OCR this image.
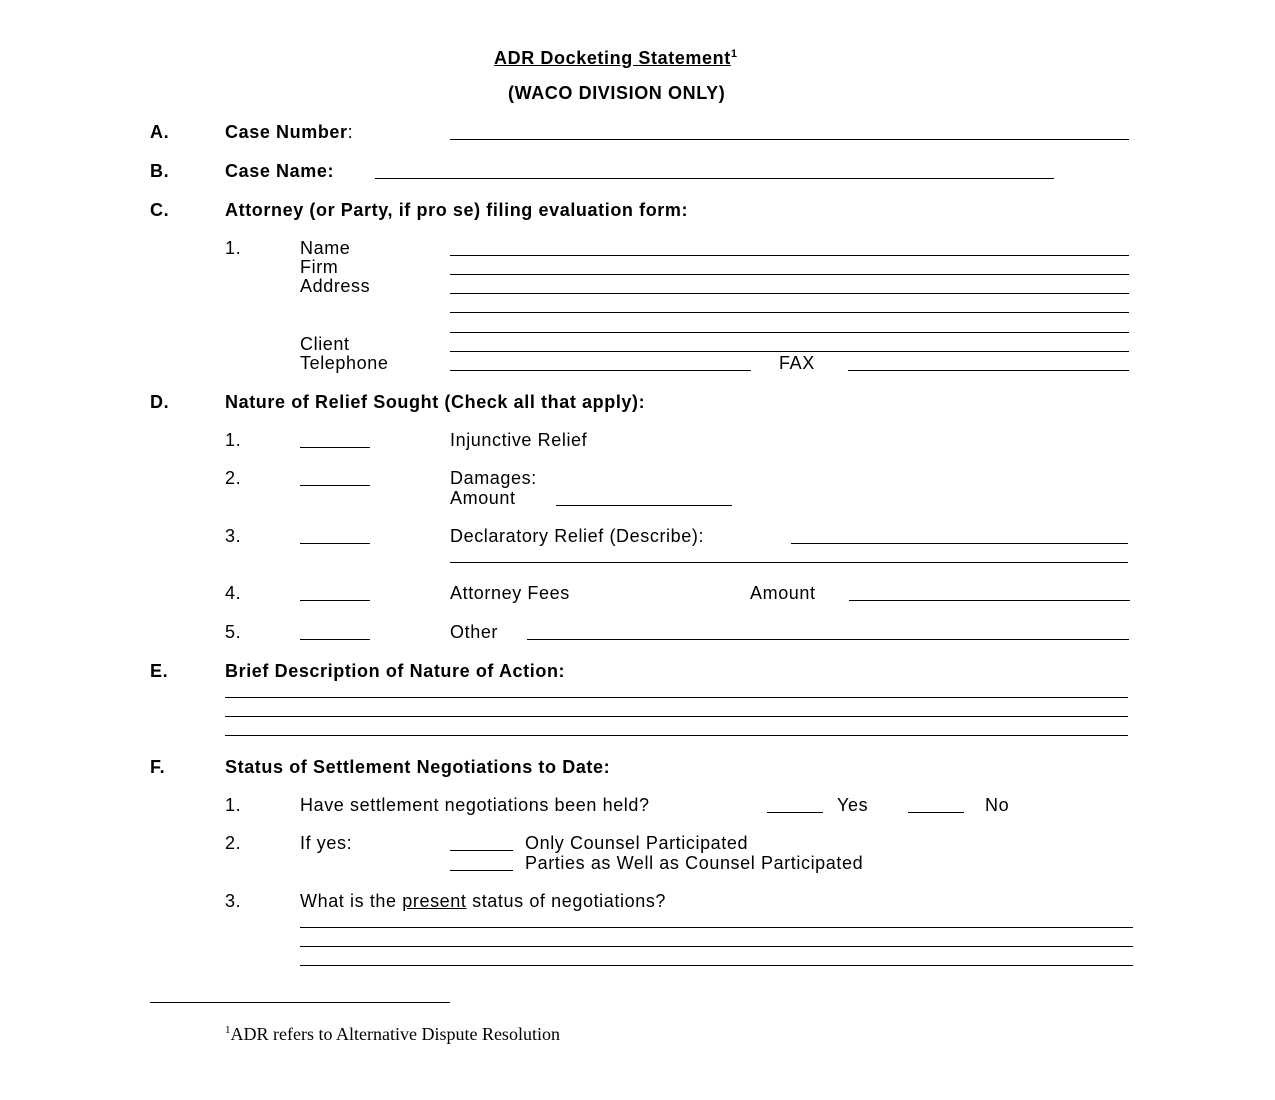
ADR Docketing Statement$^1$
(WACO DIVISION ONLY)
A.	Case Number:
B.	Case Name:
C.	Attorney (or Party, if pro se) filing evaluation form:
1.	Name
Firm
Address
Client
Telephone	FAX
D.	Nature of Relief Sought (Check all that apply):
1.	Injunctive Relief
2.	Damages:
Amount
3.	Declaratory Relief (Describe):
4.	Attorney Fees	Amount
5.	Other
E.	Brief Description of Nature of Action:
F.	Status of Settlement Negotiations to Date:
1.	Have settlement negotiations been held?	Yes	No
2.	If yes:	Only Counsel Participated
Parties as Well as Counsel Participated
3.	What is the present status of negotiations?
$^1$ADR refers to Alternative Dispute Resolution
